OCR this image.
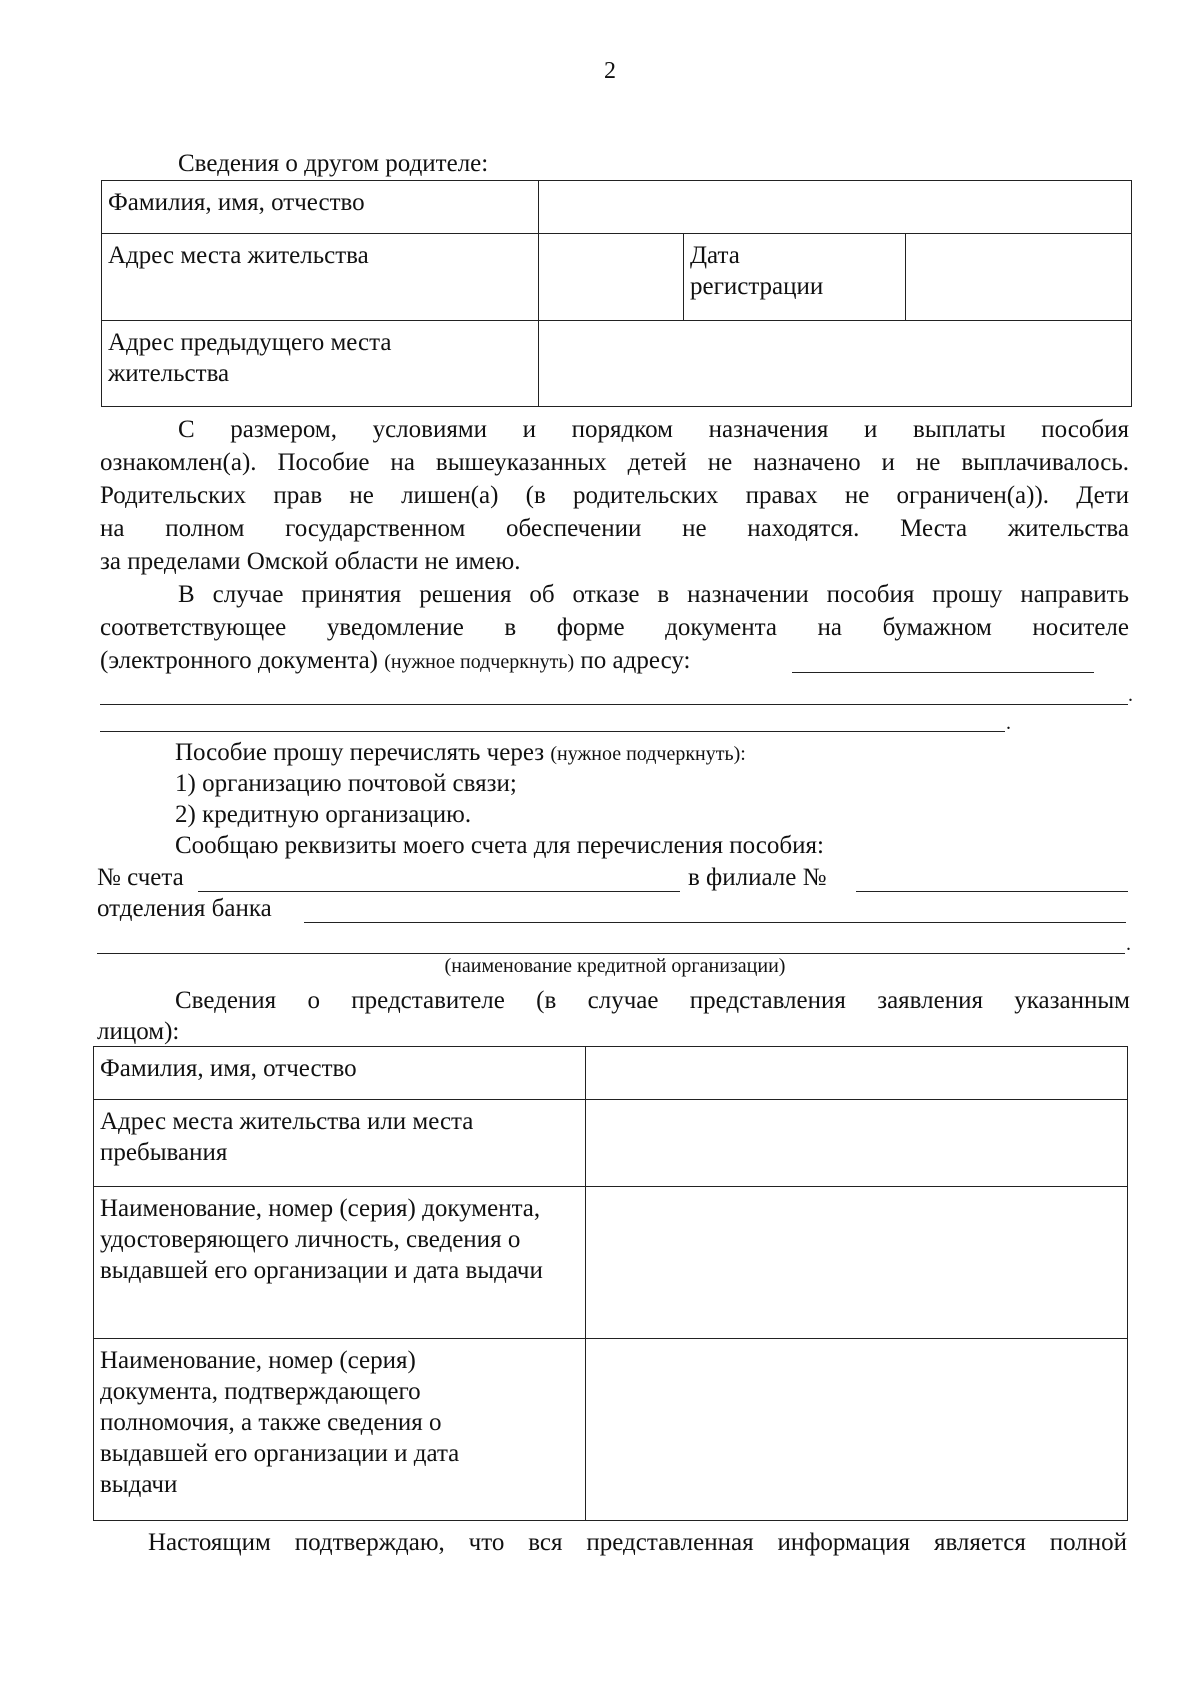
2
Сведения о другом родителе:
Фамилия, имя, отчество			
Адрес места жительства		Дата регистрации	

Адрес предыдущего места жительства			

С размером, условиями и порядком назначения и выплаты пособия
ознакомлен(а). Пособие на вышеуказанных детей не назначено и не выплачивалось.
Родительских прав не лишен(а) (в родительских правах не ограничен(а)). Дети
на полном государственном обеспечении не находятся. Места жительства
за пределами Омской области не имею.
В случае принятия решения об отказе в назначении пособия прошу направить
соответствующее уведомление в форме документа на бумажном носителе
(электронного документа) (нужное подчеркнуть) по адресу:
.
.
Пособие прошу перечислять через (нужное подчеркнуть):
1) организацию почтовой связи;
2) кредитную организацию.
Сообщаю реквизиты моего счета для перечисления пособия:
№ счета	в филиале №
отделения банка
.
(наименование кредитной организации)
Сведения о представителе (в случае представления заявления указанным
лицом):
Фамилия, имя, отчество	

Адрес места жительства или места пребывания	

Наименование, номер (серия) документа, удостоверяющего личность, сведения о выдавшей его организации и дата выдачи	

Наименование, номер (серия) документа, подтверждающего полномочия, а также сведения о выдавшей его организации и дата выдачи	

Настоящим подтверждаю, что вся представленная информация является полной
